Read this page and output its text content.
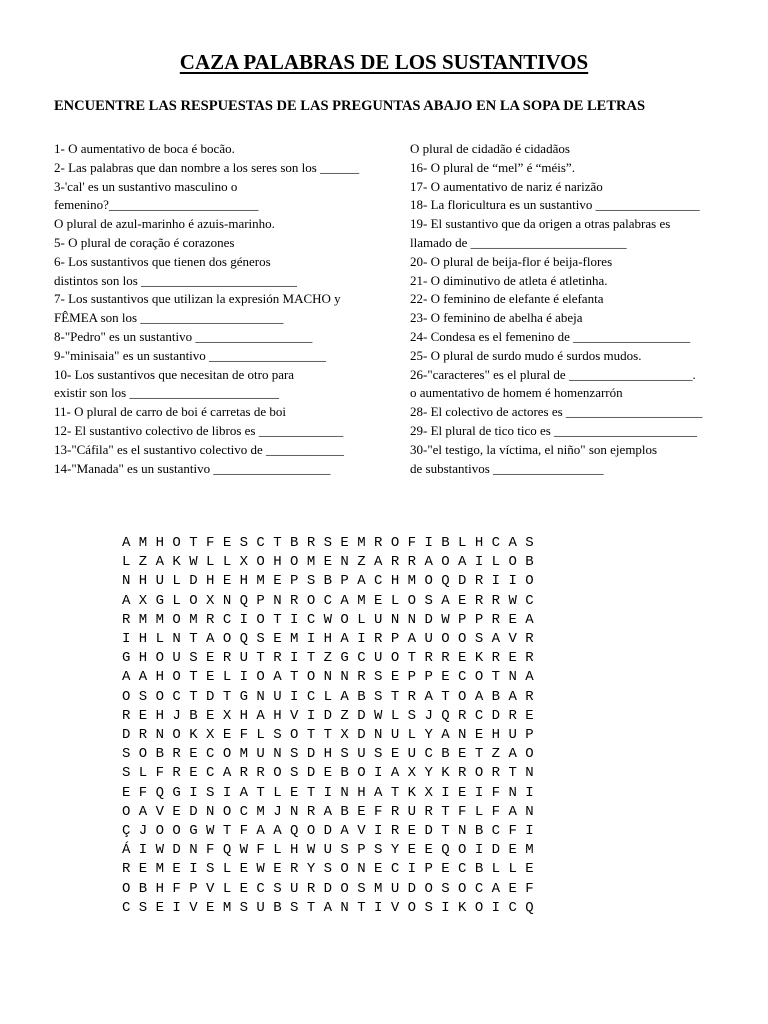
CAZA PALABRAS DE LOS SUSTANTIVOS

ENCUENTRE LAS RESPUESTAS DE LAS PREGUNTAS ABAJO EN LA SOPA DE LETRAS

1- O aumentativo de boca é bocão.
2- Las palabras que dan nombre a los seres son los ______
3-'cal' es un sustantivo masculino o
femenino?_______________________
O plural de azul-marinho é azuis-marinho.
5- O plural de coração é corazones
6- Los sustantivos que tienen dos géneros
distintos son los ________________________
7- Los sustantivos que utilizan la expresión MACHO y
FÊMEA son los ______________________
8-"Pedro" es un sustantivo __________________
9-"minisaia" es un sustantivo __________________
10- Los sustantivos que necesitan de otro para
existir son los _______________________
11- O plural de carro de boi é carretas de boi
12- El sustantivo colectivo de libros es _____________
13-"Cáfila" es el sustantivo colectivo de ____________
14-"Manada" es un sustantivo __________________
O plural de cidadão é cidadãos
16- O plural de “mel” é “méis”.
17- O aumentativo de nariz é narizão
18- La floricultura es un sustantivo ________________
19- El sustantivo que da origen a otras palabras es
llamado de ________________________
20- O plural de beija-flor é beija-flores
21- O diminutivo de atleta é atletinha.
22- O feminino de elefante é elefanta
23- O feminino de abelha é abeja
24- Condesa es el femenino de __________________
25- O plural de surdo mudo é surdos mudos.
26-"caracteres" es el plural de ___________________.
o aumentativo de homem é homenzarrón
28- El colectivo de actores es _____________________
29- El plural de tico tico es ______________________
30-"el testigo, la víctima, el niño" son ejemplos
de substantivos _________________
A M H O T F E S C T B R S E M R O F I B L H C A S
L Z A K W L L X O H O M E N Z A R R A O A I L O B
N H U L D H E H M E P S B P A C H M O Q D R I I O
A X G L O X N Q P N R O C A M E L O S A E R R W C
R M M O M R C I O T I C W O L U N N D W P P R E A
I H L N T A O Q S E M I H A I R P A U O O S A V R
G H O U S E R U T R I T Z G C U O T R R E K R E R
A A H O T E L I O A T O N N R S E P P E C O T N A
O S O C T D T G N U I C L A B S T R A T O A B A R
R E H J B E X H A H V I D Z D W L S J Q R C D R E
D R N O K X E F L S O T T X D N U L Y A N E H U P
S O B R E C O M U N S D H S U S E U C B E T Z A O
S L F R E C A R R O S D E B O I A X Y K R O R T N
E F Q G I S I A T L E T I N H A T K X I E I F N I
O A V E D N O C M J N R A B E F R U R T F L F A N
Ç J O O G W T F A A Q O D A V I R E D T N B C F I
Á I W D N F Q W F L H W U S P S Y E E Q O I D E M
R E M E I S L E W E R Y S O N E C I P E C B L L E
O B H F P V L E C S U R D O S M U D O S O C A E F
C S E I V E M S U B S T A N T I V O S I K O I C Q
